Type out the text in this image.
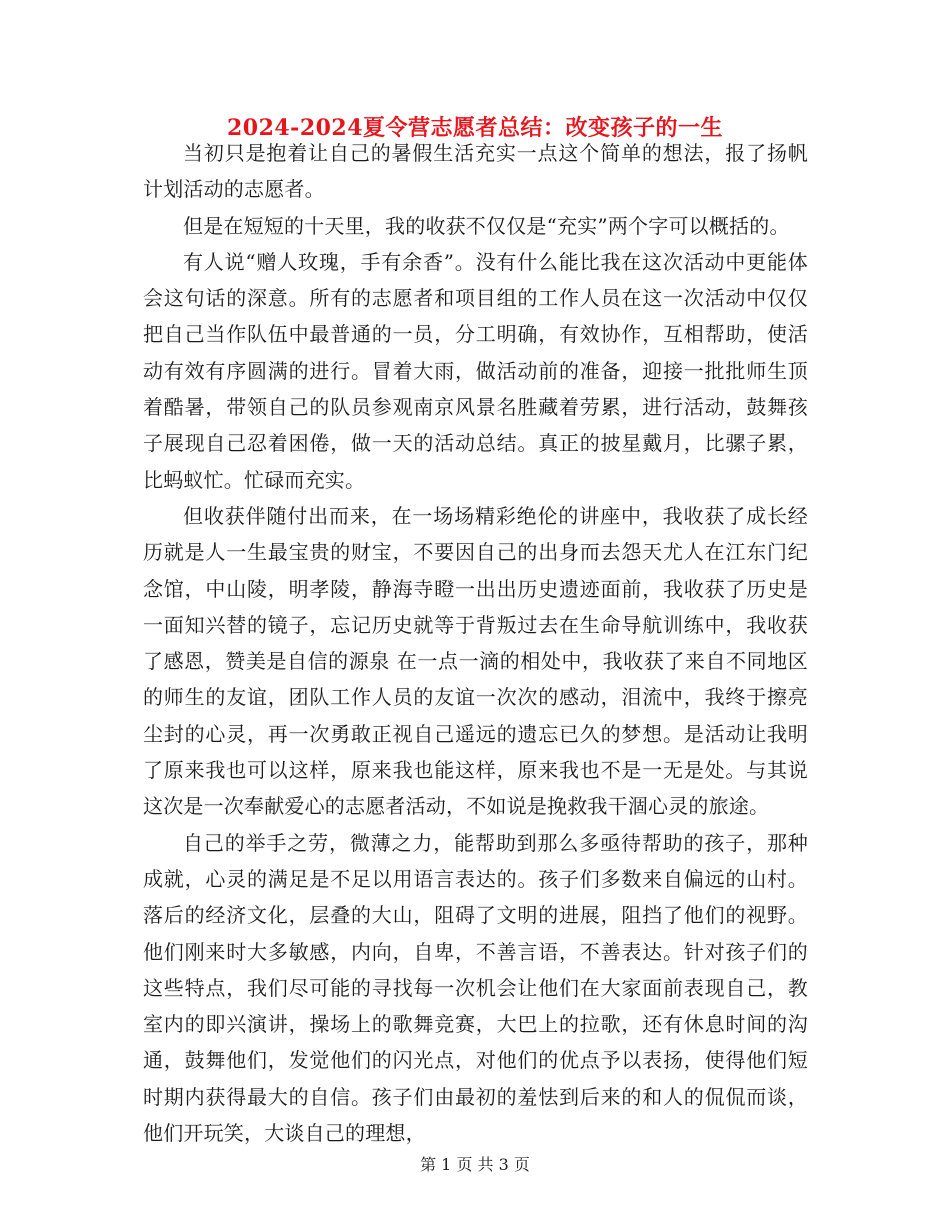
2024-2024夏令营志愿者总结：改变孩子的一生

当初只是抱着让自己的暑假生活充实一点这个简单的想法，报了扬帆计划活动的志愿者。

但是在短短的十天里，我的收获不仅仅是“充实”两个字可以概括的。

有人说“赠人玫瑰，手有余香”。没有什么能比我在这次活动中更能体会这句话的深意。所有的志愿者和项目组的工作人员在这一次活动中仅仅把自己当作队伍中最普通的一员，分工明确，有效协作，互相帮助，使活动有效有序圆满的进行。冒着大雨，做活动前的准备，迎接一批批师生顶着酷暑，带领自己的队员参观南京风景名胜藏着劳累，进行活动，鼓舞孩子展现自己忍着困倦，做一天的活动总结。真正的披星戴月，比骡子累，比蚂蚁忙。忙碌而充实。

但收获伴随付出而来，在一场场精彩绝伦的讲座中，我收获了成长经历就是人一生最宝贵的财宝，不要因自己的出身而去怨天尤人在江东门纪念馆，中山陵，明孝陵，静海寺瞪一出出历史遗迹面前，我收获了历史是一面知兴替的镜子，忘记历史就等于背叛过去在生命导航训练中，我收获了感恩，赞美是自信的源泉 在一点一滴的相处中，我收获了来自不同地区的师生的友谊，团队工作人员的友谊一次次的感动，泪流中，我终于擦亮尘封的心灵，再一次勇敢正视自己遥远的遗忘已久的梦想。是活动让我明了原来我也可以这样，原来我也能这样，原来我也不是一无是处。与其说这次是一次奉献爱心的志愿者活动，不如说是挽救我干涸心灵的旅途。

自己的举手之劳，微薄之力，能帮助到那么多亟待帮助的孩子，那种成就，心灵的满足是不足以用语言表达的。孩子们多数来自偏远的山村。落后的经济文化，层叠的大山，阻碍了文明的进展，阻挡了他们的视野。他们刚来时大多敏感，内向，自卑，不善言语，不善表达。针对孩子们的这些特点，我们尽可能的寻找每一次机会让他们在大家面前表现自己，教室内的即兴演讲，操场上的歌舞竞赛，大巴上的拉歌，还有休息时间的沟通，鼓舞他们，发觉他们的闪光点，对他们的优点予以表扬，使得他们短时期内获得最大的自信。孩子们由最初的羞怯到后来的和人的侃侃而谈，他们开玩笑，大谈自己的理想，

第 1 页 共 3 页
